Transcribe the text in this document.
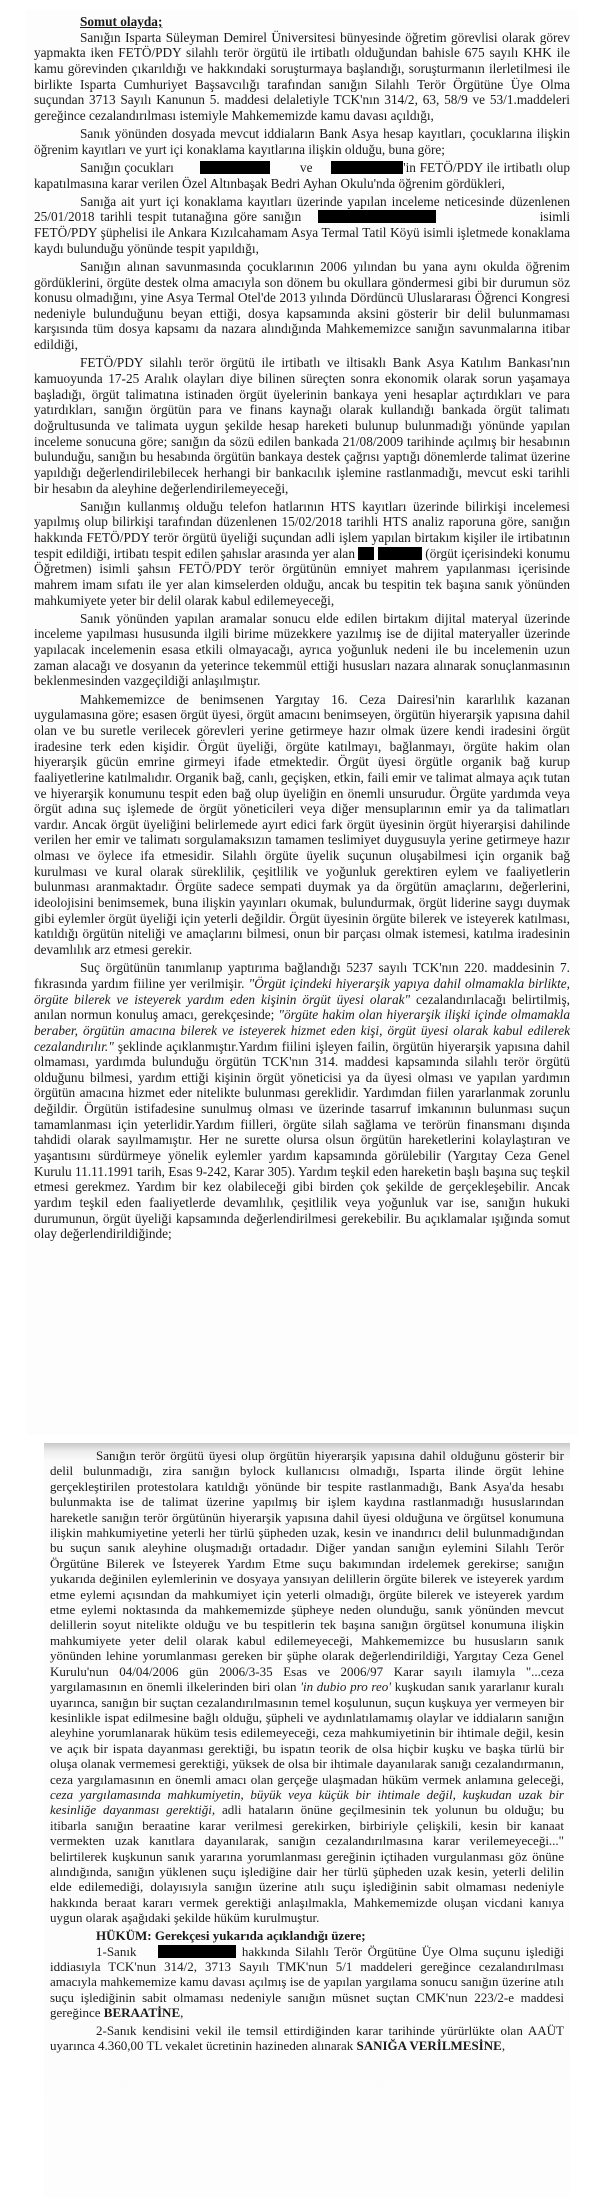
Somut olayda;

Sanığın Isparta Süleyman Demirel Üniversitesi bünyesinde öğretim görevlisi olarak görev yapmakta iken FETÖ/PDY silahlı terör örgütü ile irtibatlı olduğundan bahisle 675 sayılı KHK ile kamu görevinden çıkarıldığı ve hakkındaki soruşturmaya başlandığı, soruşturmanın ilerletilmesi ile birlikte Isparta Cumhuriyet Başsavcılığı tarafından sanığın Silahlı Terör Örgütüne Üye Olma suçundan 3713 Sayılı Kanunun 5. maddesi delaletiyle TCK'nın 314/2, 63, 58/9 ve 53/1.maddeleri gereğince cezalandırılması istemiyle Mahkememizde kamu davası açıldığı,

Sanık yönünden dosyada mevcut iddiaların Bank Asya hesap kayıtları, çocuklarına ilişkin öğrenim kayıtları ve yurt içi konaklama kayıtlarına ilişkin olduğu, buna göre;

Sanığın çocukları	ve	'in FETÖ/PDY ile irtibatlı olup kapatılmasına karar verilen Özel Altınbaşak Bedri Ayhan Okulu'nda öğrenim gördükleri,

Sanığa ait yurt içi konaklama kayıtları üzerinde yapılan inceleme neticesinde düzenlenen 25/01/2018 tarihli tespit tutanağına göre sanığın	isimli FETÖ/PDY şüphelisi ile Ankara Kızılcahamam Asya Termal Tatil Köyü isimli işletmede konaklama kaydı bulunduğu yönünde tespit yapıldığı,

Sanığın alınan savunmasında çocuklarının 2006 yılından bu yana aynı okulda öğrenim gördüklerini, örgüte destek olma amacıyla son dönem bu okullara göndermesi gibi bir durumun söz konusu olmadığını, yine Asya Termal Otel'de 2013 yılında Dördüncü Uluslararası Öğrenci Kongresi nedeniyle bulunduğunu beyan ettiği, dosya kapsamında aksini gösterir bir delil bulunmaması karşısında tüm dosya kapsamı da nazara alındığında Mahkememizce sanığın savunmalarına itibar edildiği,

FETÖ/PDY silahlı terör örgütü ile irtibatlı ve iltisaklı Bank Asya Katılım Bankası'nın kamuoyunda 17-25 Aralık olayları diye bilinen süreçten sonra ekonomik olarak sorun yaşamaya başladığı, örgüt talimatına istinaden örgüt üyelerinin bankaya yeni hesaplar açtırdıkları ve para yatırdıkları, sanığın örgütün para ve finans kaynağı olarak kullandığı bankada örgüt talimatı doğrultusunda ve talimata uygun şekilde hesap hareketi bulunup bulunmadığı yönünde yapılan inceleme sonucuna göre; sanığın da sözü edilen bankada 21/08/2009 tarihinde açılmış bir hesabının bulunduğu, sanığın bu hesabında örgütün bankaya destek çağrısı yaptığı dönemlerde talimat üzerine yapıldığı değerlendirilebilecek herhangi bir bankacılık işlemine rastlanmadığı, mevcut eski tarihli bir hesabın da aleyhine değerlendirilemeyeceği,

Sanığın kullanmış olduğu telefon hatlarının HTS kayıtları üzerinde bilirkişi incelemesi yapılmış olup bilirkişi tarafından düzenlenen 15/02/2018 tarihli HTS analiz raporuna göre, sanığın hakkında FETÖ/PDY terör örgütü üyeliği suçundan adli işlem yapılan birtakım kişiler ile irtibatının tespit edildiği, irtibatı tespit edilen şahıslar arasında yer alan	(örgüt içerisindeki konumu Öğretmen) isimli şahsın FETÖ/PDY terör örgütünün emniyet mahrem yapılanması içerisinde mahrem imam sıfatı ile yer alan kimselerden olduğu, ancak bu tespitin tek başına sanık yönünden mahkumiyete yeter bir delil olarak kabul edilemeyeceği,

Sanık yönünden yapılan aramalar sonucu elde edilen birtakım dijital materyal üzerinde inceleme yapılması hususunda ilgili birime müzekkere yazılmış ise de dijital materyaller üzerinde yapılacak incelemenin esasa etkili olmayacağı, ayrıca yoğunluk nedeni ile bu incelemenin uzun zaman alacağı ve dosyanın da yeterince tekemmül ettiği hususları nazara alınarak sonuçlanmasının beklenmesinden vazgeçildiği anlaşılmıştır.

Mahkememizce de benimsenen Yargıtay 16. Ceza Dairesi'nin kararlılık kazanan uygulamasına göre; esasen örgüt üyesi, örgüt amacını benimseyen, örgütün hiyerarşik yapısına dahil olan ve bu suretle verilecek görevleri yerine getirmeye hazır olmak üzere kendi iradesini örgüt iradesine terk eden kişidir. Örgüt üyeliği, örgüte katılmayı, bağlanmayı, örgüte hakim olan hiyerarşik gücün emrine girmeyi ifade etmektedir. Örgüt üyesi örgütle organik bağ kurup faaliyetlerine katılmalıdır. Organik bağ, canlı, geçişken, etkin, faili emir ve talimat almaya açık tutan ve hiyerarşik konumunu tespit eden bağ olup üyeliğin en önemli unsurudur. Örgüte yardımda veya örgüt adına suç işlemede de örgüt yöneticileri veya diğer mensuplarının emir ya da talimatları vardır. Ancak örgüt üyeliğini belirlemede ayırt edici fark örgüt üyesinin örgüt hiyerarşisi dahilinde verilen her emir ve talimatı sorgulamaksızın tamamen teslimiyet duygusuyla yerine getirmeye hazır olması ve öylece ifa etmesidir. Silahlı örgüte üyelik suçunun oluşabilmesi için organik bağ kurulması ve kural olarak süreklilik, çeşitlilik ve yoğunluk gerektiren eylem ve faaliyetlerin bulunması aranmaktadır. Örgüte sadece sempati duymak ya da örgütün amaçlarını, değerlerini, ideolojisini benimsemek, buna ilişkin yayınları okumak, bulundurmak, örgüt liderine saygı duymak gibi eylemler örgüt üyeliği için yeterli değildir. Örgüt üyesinin örgüte bilerek ve isteyerek katılması, katıldığı örgütün niteliği ve amaçlarını bilmesi, onun bir parçası olmak istemesi, katılma iradesinin devamlılık arz etmesi gerekir.

Suç örgütünün tanımlanıp yaptırıma bağlandığı 5237 sayılı TCK'nın 220. maddesinin 7. fıkrasında yardım fiiline yer verilmişir. "Örgüt içindeki hiyerarşik yapıya dahil olmamakla birlikte, örgüte bilerek ve isteyerek yardım eden kişinin örgüt üyesi olarak" cezalandırılacağı belirtilmiş, anılan normun konuluş amacı, gerekçesinde; "örgüte hakim olan hiyerarşik ilişki içinde olmamakla beraber, örgütün amacına bilerek ve isteyerek hizmet eden kişi, örgüt üyesi olarak kabul edilerek cezalandırılır." şeklinde açıklanmıştır.Yardım fiilini işleyen failin, örgütün hiyerarşik yapısına dahil olmaması, yardımda bulunduğu örgütün TCK'nın 314. maddesi kapsamında silahlı terör örgütü olduğunu bilmesi, yardım ettiği kişinin örgüt yöneticisi ya da üyesi olması ve yapılan yardımın örgütün amacına hizmet eder nitelikte bulunması gereklidir. Yardımdan fiilen yararlanmak zorunlu değildir. Örgütün istifadesine sunulmuş olması ve üzerinde tasarruf imkanının bulunması suçun tamamlanması için yeterlidir.Yardım fiilleri, örgüte silah sağlama ve terörün finansmanı dışında tahdidi olarak sayılmamıştır. Her ne surette olursa olsun örgütün hareketlerini kolaylaştıran ve yaşantısını sürdürmeye yönelik eylemler yardım kapsamında görülebilir (Yargıtay Ceza Genel Kurulu 11.11.1991 tarih, Esas 9-242, Karar 305). Yardım teşkil eden hareketin başlı başına suç teşkil etmesi gerekmez. Yardım bir kez olabileceği gibi birden çok şekilde de gerçekleşebilir. Ancak yardım teşkil eden faaliyetlerde devamlılık, çeşitlilik veya yoğunluk var ise, sanığın hukuki durumunun, örgüt üyeliği kapsamında değerlendirilmesi gerekebilir. Bu açıklamalar ışığında somut olay değerlendirildiğinde;

Sanığın terör örgütü üyesi olup örgütün hiyerarşik yapısına dahil olduğunu gösterir bir delil bulunmadığı, zira sanığın bylock kullanıcısı olmadığı, Isparta ilinde örgüt lehine gerçekleştirilen protestolara katıldığı yönünde bir tespite rastlanmadığı, Bank Asya'da hesabı bulunmakta ise de talimat üzerine yapılmış bir işlem kaydına rastlanmadığı hususlarından hareketle sanığın terör örgütünün hiyerarşik yapısına dahil üyesi olduğuna ve örgütsel konumuna ilişkin mahkumiyetine yeterli her türlü şüpheden uzak, kesin ve inandırıcı delil bulunmadığından bu suçun sanık aleyhine oluşmadığı ortadadır. Diğer yandan sanığın eylemini Silahlı Terör Örgütüne Bilerek ve İsteyerek Yardım Etme suçu bakımından irdelemek gerekirse; sanığın yukarıda değinilen eylemlerinin ve dosyaya yansıyan delillerin örgüte bilerek ve isteyerek yardım etme eylemi açısından da mahkumiyet için yeterli olmadığı, örgüte bilerek ve isteyerek yardım etme eylemi noktasında da mahkememizde şüpheye neden olunduğu, sanık yönünden mevcut delillerin soyut nitelikte olduğu ve bu tespitlerin tek başına sanığın örgütsel konumuna ilişkin mahkumiyete yeter delil olarak kabul edilemeyeceği, Mahkememizce bu hususların sanık yönünden lehine yorumlanması gereken bir şüphe olarak değerlendirildiği, Yargıtay Ceza Genel Kurulu'nun 04/04/2006 gün 2006/3-35 Esas ve 2006/97 Karar sayılı ilamıyla "...ceza yargılamasının en önemli ilkelerinden biri olan 'in dubio pro reo' kuşkudan sanık yararlanır kuralı uyarınca, sanığın bir suçtan cezalandırılmasının temel koşulunun, suçun kuşkuya yer vermeyen bir kesinlikle ispat edilmesine bağlı olduğu, şüpheli ve aydınlatılamamış olaylar ve iddiaların sanığın aleyhine yorumlanarak hüküm tesis edilemeyeceği, ceza mahkumiyetinin bir ihtimale değil, kesin ve açık bir ispata dayanması gerektiği, bu ispatın teorik de olsa hiçbir kuşku ve başka türlü bir oluşa olanak vermemesi gerektiği, yüksek de olsa bir ihtimale dayanılarak sanığı cezalandırmanın, ceza yargılamasının en önemli amacı olan gerçeğe ulaşmadan hüküm vermek anlamına geleceği, ceza yargılamasında mahkumiyetin, büyük veya küçük bir ihtimale değil, kuşkudan uzak bir kesinliğe dayanması gerektiği, adli hataların önüne geçilmesinin tek yolunun bu olduğu; bu itibarla sanığın beraatine karar verilmesi gerekirken, birbiriyle çelişkili, kesin bir kanaat vermekten uzak kanıtlara dayanılarak, sanığın cezalandırılmasına karar verilemeyeceği..." belirtilerek kuşkunun sanık yararına yorumlanması gereğinin içtihaden vurgulanması göz önüne alındığında, sanığın yüklenen suçu işlediğine dair her türlü şüpheden uzak kesin, yeterli delilin elde edilemediği, dolayısıyla sanığın üzerine atılı suçu işlediğinin sabit olmaması nedeniyle hakkında beraat kararı vermek gerektiği anlaşılmakla, Mahkememizde oluşan vicdani kanıya uygun olarak aşağıdaki şekilde hüküm kurulmuştur.

HÜKÜM: Gerekçesi yukarıda açıklandığı üzere;

1-Sanık	hakkında Silahlı Terör Örgütüne Üye Olma suçunu işlediği iddiasıyla TCK'nun 314/2, 3713 Sayılı TMK'nun 5/1 maddeleri gereğince cezalandırılması amacıyla mahkememize kamu davası açılmış ise de yapılan yargılama sonucu sanığın üzerine atılı suçu işlediğinin sabit olmaması nedeniyle sanığın müsnet suçtan CMK'nun 223/2-e maddesi gereğince BERAATİNE,

2-Sanık kendisini vekil ile temsil ettirdiğinden karar tarihinde yürürlükte olan AAÜT uyarınca 4.360,00 TL vekalet ücretinin hazineden alınarak SANIĞA VERİLMESİNE,
